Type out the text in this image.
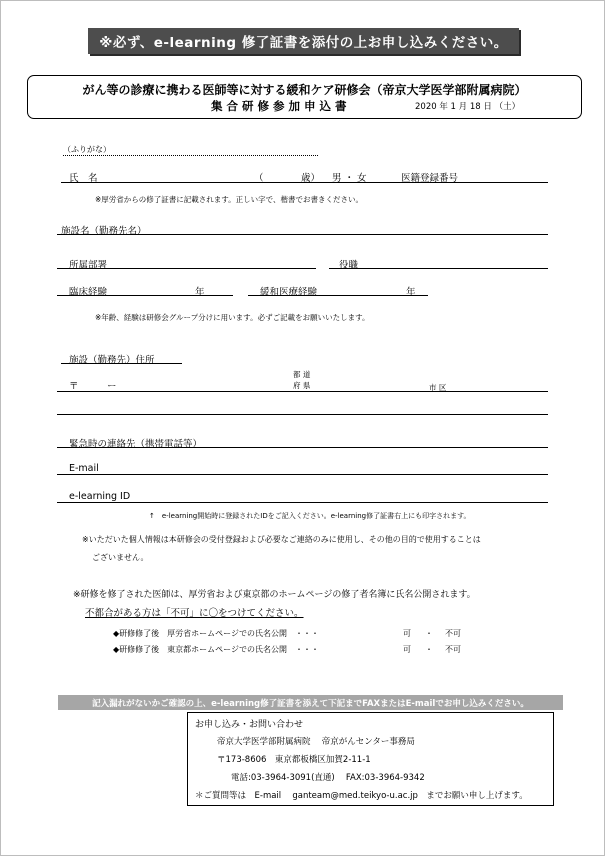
※必ず、e-learning 修了証書を添付の上お申し込みください。
がん等の診療に携わる医師等に対する緩和ケア研修会（帝京大学医学部附属病院）
集合研修参加申込書	2020 年 1 月 18 日 （土）
（ふりがな）
氏　名	（	歳） 男 ・ 女	医籍登録番号
※厚労省からの修了証書に記載されます。正しい字で、楷書でお書きください。
施設名（勤務先名）
所属部署	役職
臨床経験	年	緩和医療経験	年
※年齢、経験は研修会グループ分けに用います。必ずご記載をお願いいたします。
施設（勤務先）住所
〒　　　ー
都 道
府 県	市 区
緊急時の連絡先（携帯電話等）
E-mail
e-learning ID
↑　e-learning開始時に登録されたIDをご記入ください。e-learning修了証書右上にも印字されます。
※いただいた個人情報は本研修会の受付登録および必要なご連絡のみに使用し、その他の目的で使用することは
ございません。
※研修を修了された医師は、厚労省および東京都のホームページの修了者名簿に氏名公開されます。
不都合がある方は「不可」に〇をつけてください。
◆研修修了後　厚労省ホームページでの氏名公開　・・・	可 ・ 不可
◆研修修了後　東京都ホームページでの氏名公開　・・・	可 ・ 不可
記入漏れがないかご確認の上、e-learning修了証書を添えて下記までFAXまたはE-mailでお申し込みください。
お申し込み・お問い合わせ
帝京大学医学部附属病院　 帝京がんセンター事務局
〒173-8606　東京都板橋区加賀2-11-1
電話:03-3964-3091(直通)　 FAX:03-3964-9342
＊ご質問等は　E-mail　 ganteam@med.teikyo-u.ac.jp　までお願い申し上げます。
